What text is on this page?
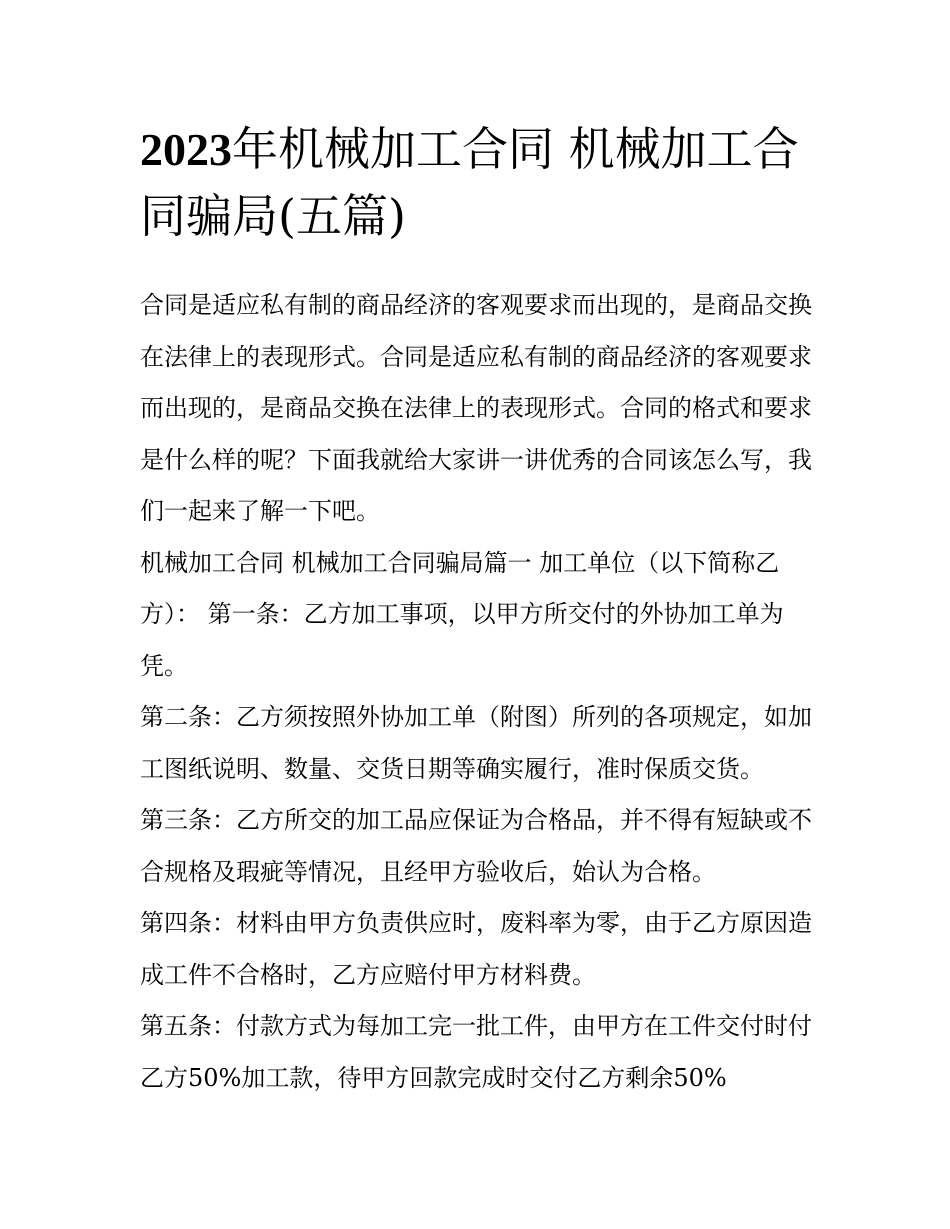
2023年机械加工合同 机械加工合同骗局(五篇)

合同是适应私有制的商品经济的客观要求而出现的，是商品交换在法律上的表现形式。合同是适应私有制的商品经济的客观要求而出现的，是商品交换在法律上的表现形式。合同的格式和要求是什么样的呢？下面我就给大家讲一讲优秀的合同该怎么写，我们一起来了解一下吧。

机械加工合同 机械加工合同骗局篇一 加工单位（以下简称乙方）： 第一条：乙方加工事项，以甲方所交付的外协加工单为凭。

第二条：乙方须按照外协加工单（附图）所列的各项规定，如加工图纸说明、数量、交货日期等确实履行，准时保质交货。

第三条：乙方所交的加工品应保证为合格品，并不得有短缺或不合规格及瑕疵等情况，且经甲方验收后，始认为合格。

第四条：材料由甲方负责供应时，废料率为零，由于乙方原因造成工件不合格时，乙方应赔付甲方材料费。

第五条：付款方式为每加工完一批工件，由甲方在工件交付时付乙方50%加工款，待甲方回款完成时交付乙方剩余50%
